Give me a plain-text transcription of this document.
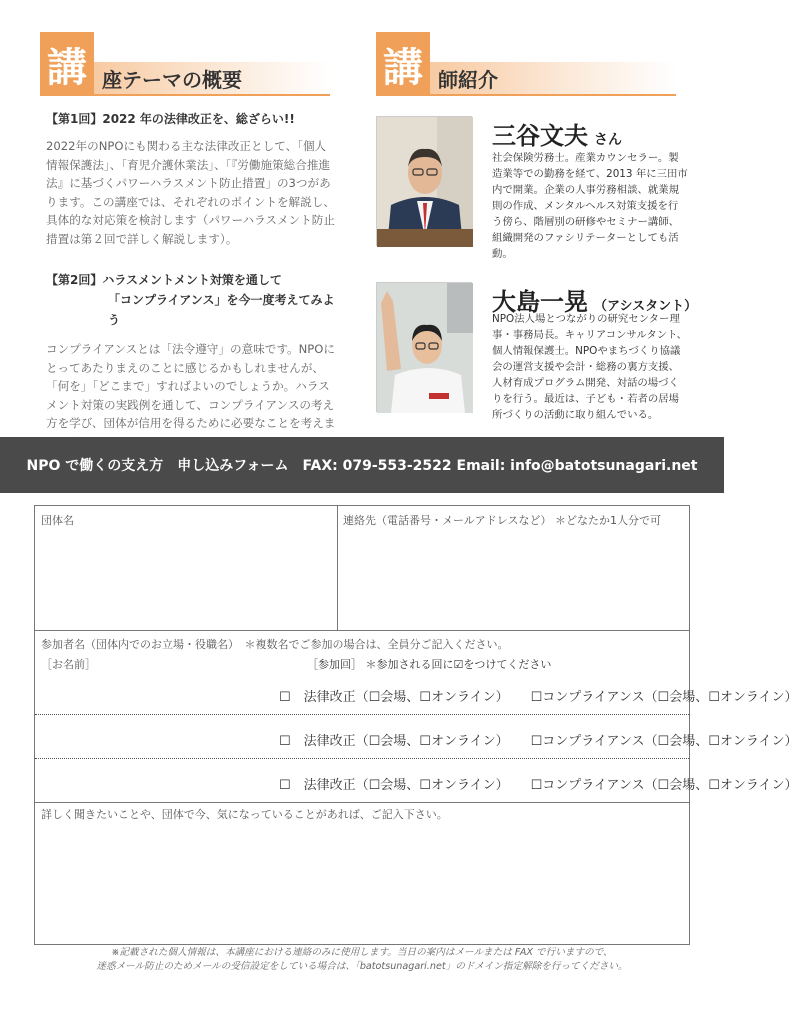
講 座テーマの概要	講 師紹介
【第1回】2022 年の法律改正を、総ざらい!!
2022年のNPOにも関わる主な法律改正として、「個人情報保護法」、「育児介護休業法」、「『労働施策総合推進法』に基づくパワーハラスメント防止措置」の3つがあります。この講座では、それぞれのポイントを解説し、具体的な対応策を検討します（パワーハラスメント防止措置は第２回で詳しく解説します）。
【第2回】ハラスメントメント対策を通して
「コンプライアンス」を今一度考えてみよう
コンプライアンスとは「法令遵守」の意味です。NPOにとってあたりまえのことに感じるかもしれませんが、「何を」「どこまで」すればよいのでしょうか。ハラスメント対策の実践例を通して、コンプライアンスの考え方を学び、団体が信用を得るために必要なことを考えま
三谷文夫 さん
社会保険労務士。産業カウンセラー。製造業等での勤務を経て、2013 年に三田市内で開業。企業の人事労務相談、就業規則の作成、メンタルヘルス対策支援を行う傍ら、階層別の研修やセミナー講師、組織開発のファシリテーターとしても活動。
大島一晃 （アシスタント）
NPO法人場とつながりの研究センター理事・事務局長。キャリアコンサルタント、個人情報保護士。NPOやまちづくり協議会の運営支援や会計・総務の裏方支援、人材育成プログラム開発、対話の場づくりを行う。最近は、子ども・若者の居場所づくりの活動に取り組んでいる。
NPO で働くの支え方　申し込みフォーム　FAX: 079-553-2522 Email: info@batotsunagari.net
団体名	連絡先（電話番号・メールアドレスなど） ＊どなたか1人分で可
参加者名（団体内でのお立場・役職名）　＊複数名でご参加の場合は、全員分ご記入ください。
［お名前］	［参加回］ ＊参加される回に☑をつけてください
☐　法律改正（☐会場、☐オンライン） ☐コンプライアンス（☐会場、☐オンライン）
☐　法律改正（☐会場、☐オンライン） ☐コンプライアンス（☐会場、☐オンライン）
☐　法律改正（☐会場、☐オンライン） ☐コンプライアンス（☐会場、☐オンライン）
詳しく聞きたいことや、団体で今、気になっていることがあれば、ご記入下さい。
※記載された個人情報は、本講座における連絡のみに使用します。当日の案内はメールまたは FAX で行いますので、
迷惑メール防止のためメールの受信設定をしている場合は、「batotsunagari.net」のドメイン指定解除を行ってください。
